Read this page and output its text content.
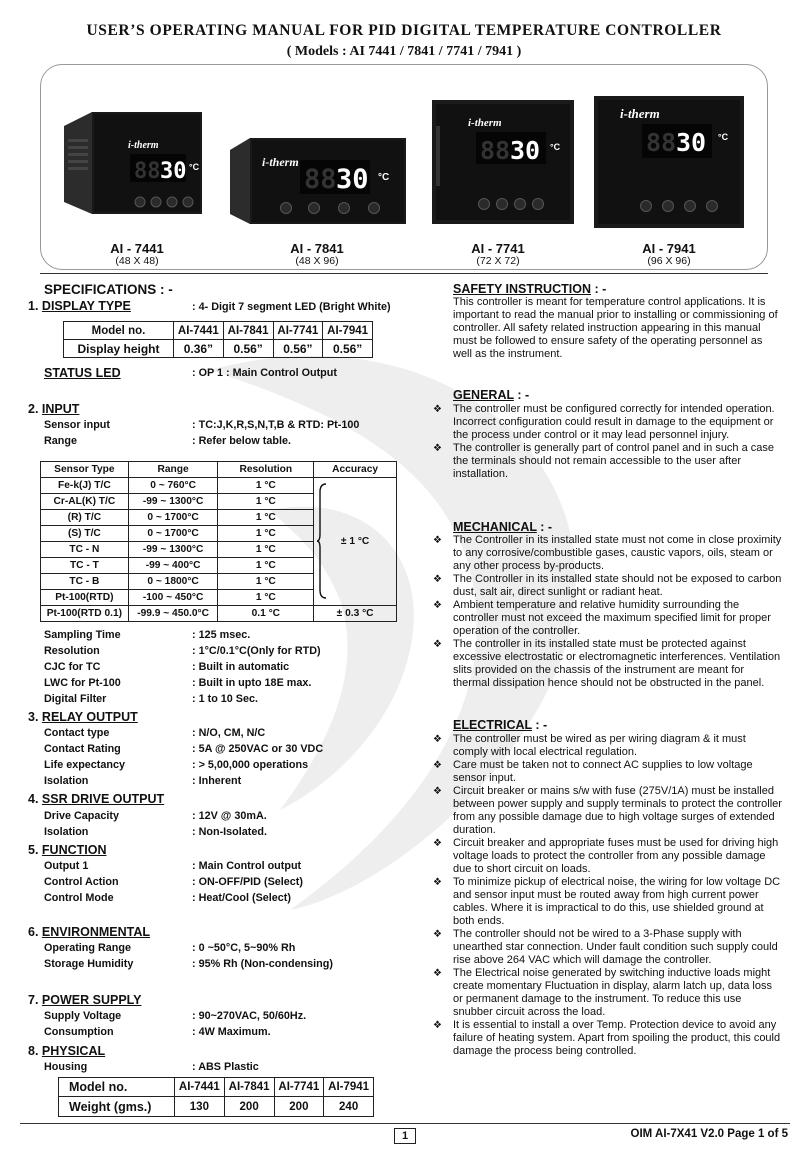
USER’S OPERATING MANUAL FOR PID DIGITAL TEMPERATURE CONTROLLER
( Models : AI 7441 / 7841 / 7741 / 7941 )
88 30 °C
i-therm
AI - 7441
(48 X 48)
88 30 °C
i-therm
AI - 7841
(48 X 96)
88 30 °C
i-therm
AI - 7741
(72 X 72)
88 30 °C
i-therm
AI - 7941
(96 X 96)
SPECIFICATIONS : -
1. DISPLAY TYPE	: 4- Digit 7 segment LED (Bright White)
Model no.	AI-7441	AI-7841	AI-7741	AI-7941
Display height	0.36”	0.56”	0.56”	0.56”
STATUS LED	: OP 1 : Main Control Output
2. INPUT
Sensor input	: TC:J,K,R,S,N,T,B & RTD: Pt-100
Range	: Refer below table.
Sensor Type	Range	Resolution	Accuracy
Fe-k(J) T/C	0 ~ 760°C	1 °C	± 1 °C
Cr-AL(K) T/C	-99 ~ 1300°C	1 °C	
(R) T/C	0 ~ 1700°C	1 °C	
(S) T/C	0 ~ 1700°C	1 °C	
TC - N	-99 ~ 1300°C	1 °C	
TC - T	-99 ~ 400°C	1 °C	
TC - B	0 ~ 1800°C	1 °C	
Pt-100(RTD)	-100 ~ 450°C	1 °C	
Pt-100(RTD 0.1)	-99.9 ~ 450.0°C	0.1 °C	± 0.3 °C
Sampling Time	: 125 msec.
Resolution	: 1°C/0.1°C(Only for RTD)
CJC for TC	: Built in automatic
LWC for Pt-100	: Built in upto 18E max.
Digital Filter	: 1 to 10 Sec.
3. RELAY OUTPUT
Contact type	: N/O, CM, N/C
Contact Rating	: 5A @ 250VAC or 30 VDC
Life expectancy	: > 5,00,000 operations
Isolation	: Inherent
4. SSR DRIVE OUTPUT
Drive Capacity	: 12V @ 30mA.
Isolation	: Non-Isolated.
5. FUNCTION
Output 1	: Main Control output
Control Action	: ON-OFF/PID (Select)
Control Mode	: Heat/Cool (Select)
6. ENVIRONMENTAL
Operating Range	: 0 ~50°C, 5~90% Rh
Storage Humidity	: 95% Rh (Non-condensing)
7. POWER SUPPLY
Supply Voltage	: 90~270VAC, 50/60Hz.
Consumption	: 4W Maximum.
8. PHYSICAL
Housing	: ABS Plastic
Model no.	AI-7441	AI-7841	AI-7741	AI-7941
Weight (gms.)	130	200	200	240
SAFETY INSTRUCTION : -
This controller is meant for temperature control applications. It is important to read the manual prior to installing or commissioning of controller. All safety related instruction appearing in this manual must be followed to ensure safety of the operating personnel as well as the instrument.
GENERAL : -
❖ The controller must be configured correctly for intended operation. Incorrect configuration could result in damage to the equipment or the process under control or it may lead personnel injury.
❖ The controller is generally part of control panel and in such a case the terminals should not remain accessible to the user after installation.
MECHANICAL : -
❖ The Controller in its installed state must not come in close proximity to any corrosive/combustible gases, caustic vapors, oils, steam or any other process by-products.
❖ The Controller in its installed state should not be exposed to carbon dust, salt air, direct sunlight or radiant heat.
❖ Ambient temperature and relative humidity surrounding the controller must not exceed the maximum specified limit for proper operation of the controller.
❖ The controller in its installed state must be protected against excessive electrostatic or electromagnetic interferences. Ventilation slits provided on the chassis of the instrument are meant for thermal dissipation hence should not be obstructed in the panel.
ELECTRICAL : -
❖ The controller must be wired as per wiring diagram & it must comply with local electrical regulation.
❖ Care must be taken not to connect AC supplies to low voltage sensor input.
❖ Circuit breaker or mains s/w with fuse (275V/1A) must be installed between power supply and supply terminals to protect the controller from any possible damage due to high voltage surges of extended duration.
❖ Circuit breaker and appropriate fuses must be used for driving high voltage loads to protect the controller from any possible damage due to short circuit on loads.
❖ To minimize pickup of electrical noise, the wiring for low voltage DC and sensor input must be routed away from high current power cables. Where it is impractical to do this, use shielded ground at both ends.
❖ The controller should not be wired to a 3-Phase supply with unearthed star connection. Under fault condition such supply could rise above 264 VAC which will damage the controller.
❖ The Electrical noise generated by switching inductive loads might create momentary Fluctuation in display, alarm latch up, data loss or permanent damage to the instrument. To reduce this use snubber circuit across the load.
❖ It is essential to install a over Temp. Protection device to avoid any failure of heating system. Apart from spoiling the product, this could damage the process being controlled.
1	OIM AI-7X41 V2.0 Page 1 of 5
